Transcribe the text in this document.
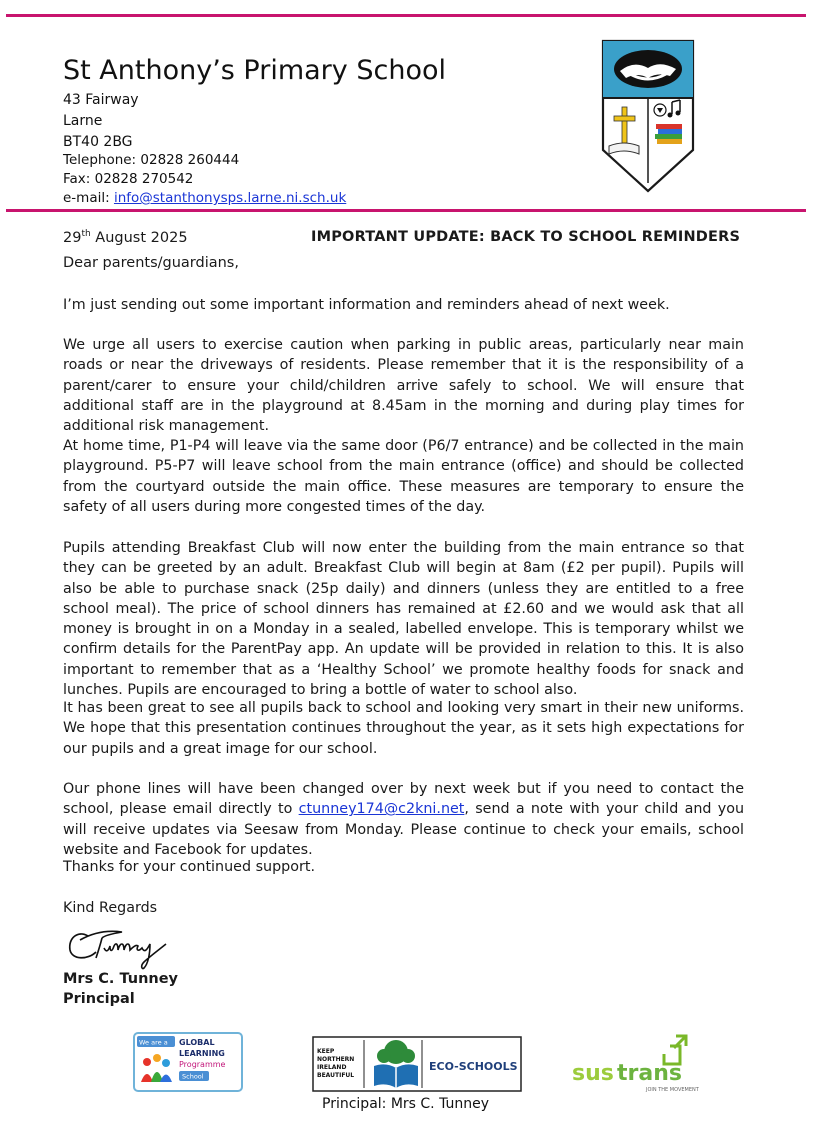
St Anthony’s Primary School
43 Fairway
Larne
BT40 2BG
Telephone: 02828 260444
Fax: 02828 270542
e-mail: info@stanthonysps.larne.ni.sch.uk
29th August 2025	IMPORTANT UPDATE: BACK TO SCHOOL REMINDERS
Dear parents/guardians,
I’m just sending out some important information and reminders ahead of next week.
We urge all users to exercise caution when parking in public areas, particularly near main roads or near the driveways of residents. Please remember that it is the responsibility of a parent/carer to ensure your child/children arrive safely to school. We will ensure that additional staff are in the playground at 8.45am in the morning and during play times for additional risk management.
At home time, P1-P4 will leave via the same door (P6/7 entrance) and be collected in the main playground. P5-P7 will leave school from the main entrance (office) and should be collected from the courtyard outside the main office. These measures are temporary to ensure the safety of all users during more congested times of the day.
Pupils attending Breakfast Club will now enter the building from the main entrance so that they can be greeted by an adult. Breakfast Club will begin at 8am (£2 per pupil). Pupils will also be able to purchase snack (25p daily) and dinners (unless they are entitled to a free school meal). The price of school dinners has remained at £2.60 and we would ask that all money is brought in on a Monday in a sealed, labelled envelope. This is temporary whilst we confirm details for the ParentPay app. An update will be provided in relation to this. It is also important to remember that as a ‘Healthy School’ we promote healthy foods for snack and lunches. Pupils are encouraged to bring a bottle of water to school also.
It has been great to see all pupils back to school and looking very smart in their new uniforms. We hope that this presentation continues throughout the year, as it sets high expectations for our pupils and a great image for our school.
Our phone lines will have been changed over by next week but if you need to contact the school, please email directly to ctunney174@c2kni.net, send a note with your child and you will receive updates via Seesaw from Monday. Please continue to check your emails, school website and Facebook for updates.
Thanks for your continued support.
Kind Regards
Mrs C. Tunney
Principal
We are a GLOBAL
LEARNING
Programme
School
KEEP
NORTHERN
IRELAND
BEAUTIFUL
ECO-SCHOOLS sus trans
JOIN THE MOVEMENT
Principal: Mrs C. Tunney
